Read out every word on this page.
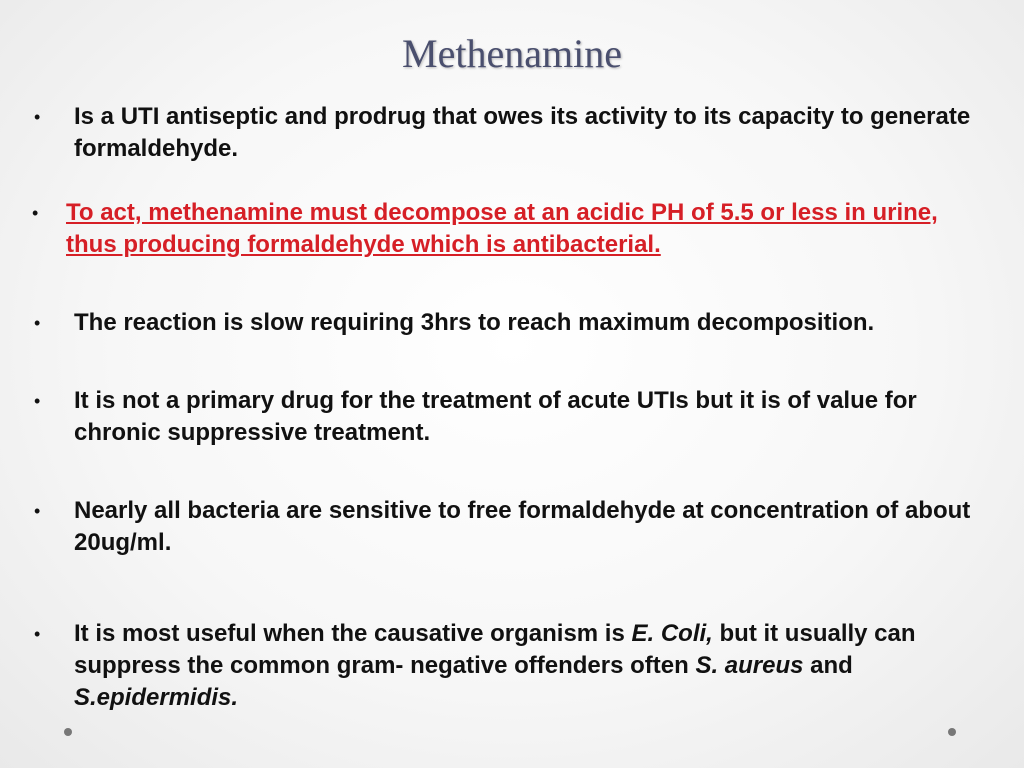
Methenamine
• Is a UTI antiseptic and prodrug that owes its activity to its capacity to generate formaldehyde.
• To act, methenamine must decompose at an acidic PH of 5.5 or less in urine, thus producing formaldehyde which is antibacterial.
• The reaction is slow requiring 3hrs to reach maximum decomposition.
• It is not a primary drug for the treatment of acute UTIs but it is of value for chronic suppressive treatment.
• Nearly all bacteria are sensitive to free formaldehyde at concentration of about 20ug/ml.
• It is most useful when the causative organism is E. Coli, but it usually can suppress the common gram- negative offenders often S. aureus and S.epidermidis.
